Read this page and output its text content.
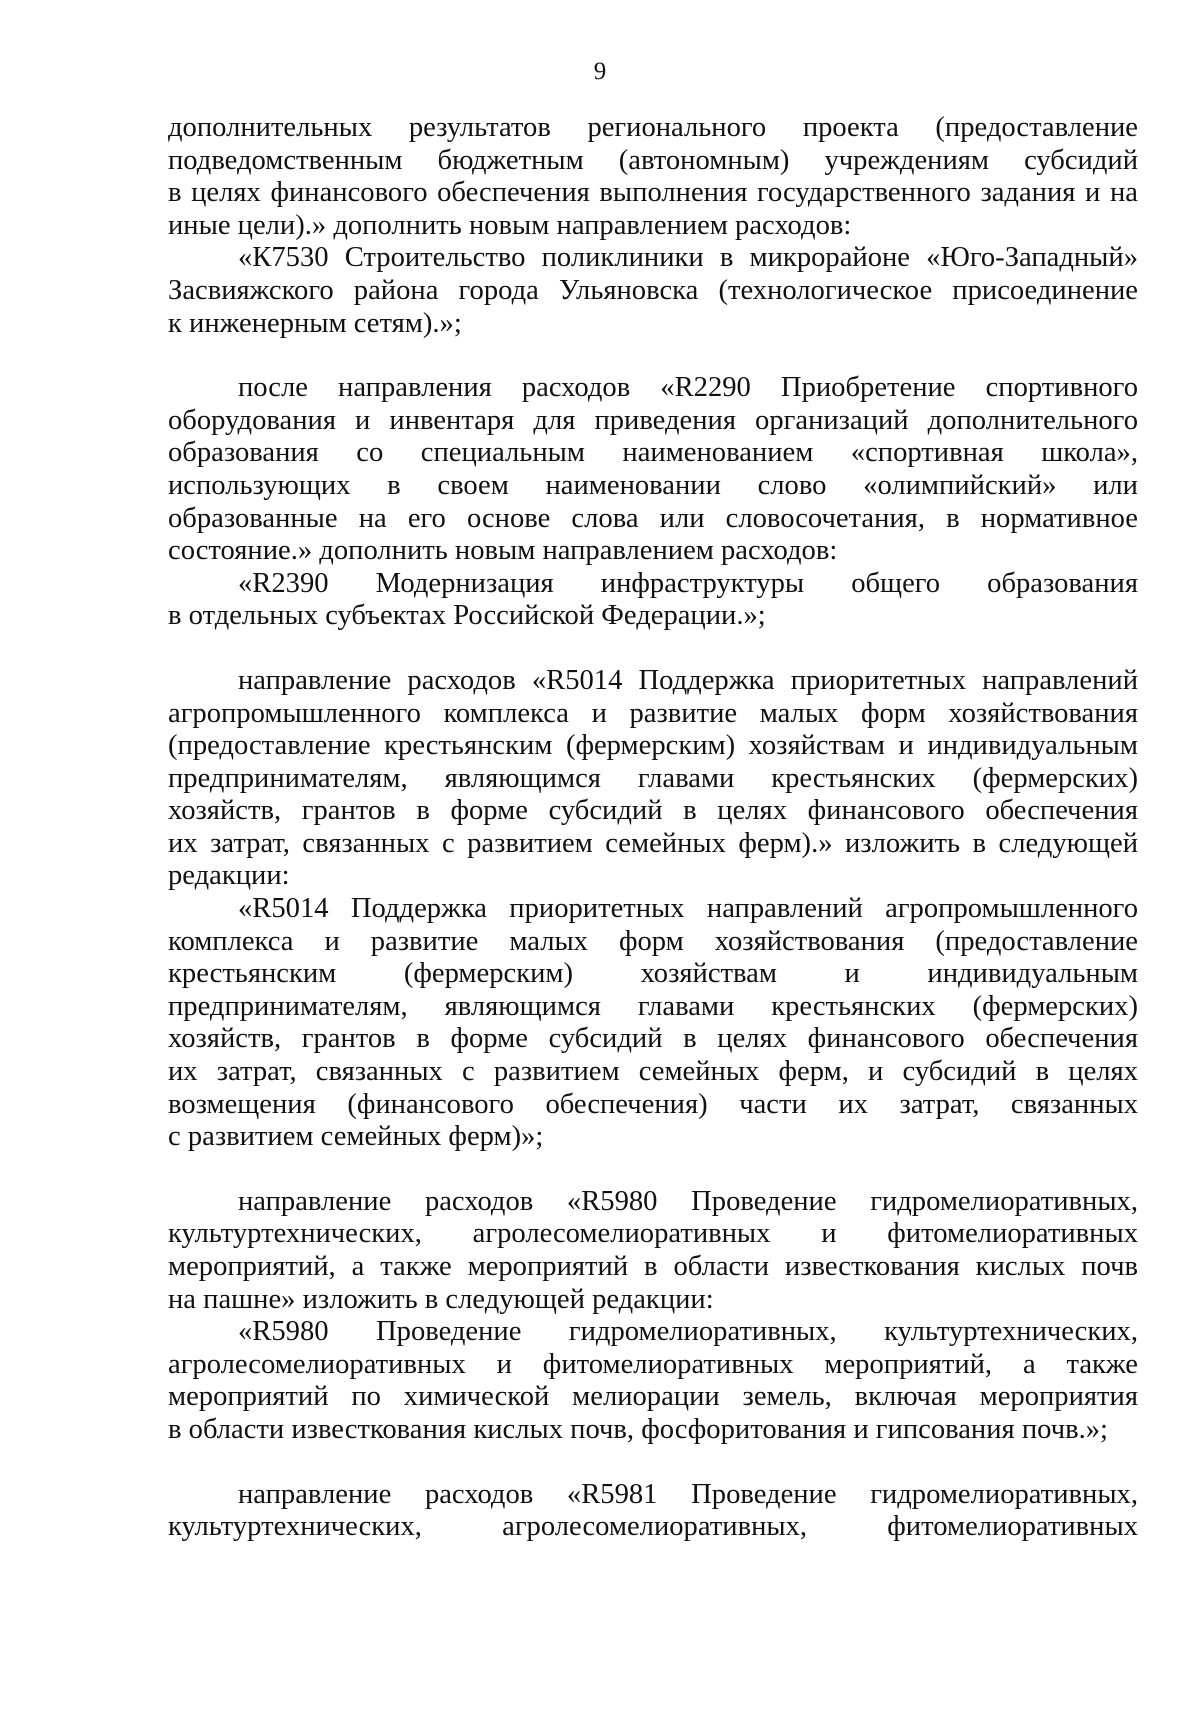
9
дополнительных результатов регионального проекта (предоставление
подведомственным бюджетным (автономным) учреждениям субсидий
в целях финансового обеспечения выполнения государственного задания и на
иные цели).» дополнить новым направлением расходов:
«К7530 Строительство поликлиники в микрорайоне «Юго-Западный»
Засвияжского района города Ульяновска (технологическое присоединение
к инженерным сетям).»;
после направления расходов «R2290 Приобретение спортивного
оборудования и инвентаря для приведения организаций дополнительного
образования со специальным наименованием «спортивная школа»,
использующих в своем наименовании слово «олимпийский» или
образованные на его основе слова или словосочетания, в нормативное
состояние.» дополнить новым направлением расходов:
«R2390 Модернизация инфраструктуры общего образования
в отдельных субъектах Российской Федерации.»;
направление расходов «R5014 Поддержка приоритетных направлений
агропромышленного комплекса и развитие малых форм хозяйствования
(предоставление крестьянским (фермерским) хозяйствам и индивидуальным
предпринимателям, являющимся главами крестьянских (фермерских)
хозяйств, грантов в форме субсидий в целях финансового обеспечения
их затрат, связанных с развитием семейных ферм).» изложить в следующей
редакции:
«R5014 Поддержка приоритетных направлений агропромышленного
комплекса и развитие малых форм хозяйствования (предоставление
крестьянским (фермерским) хозяйствам и индивидуальным
предпринимателям, являющимся главами крестьянских (фермерских)
хозяйств, грантов в форме субсидий в целях финансового обеспечения
их затрат, связанных с развитием семейных ферм, и субсидий в целях
возмещения (финансового обеспечения) части их затрат, связанных
с развитием семейных ферм)»;
направление расходов «R5980 Проведение гидромелиоративных,
культуртехнических, агролесомелиоративных и фитомелиоративных
мероприятий, а также мероприятий в области известкования кислых почв
на пашне» изложить в следующей редакции:
«R5980 Проведение гидромелиоративных, культуртехнических,
агролесомелиоративных и фитомелиоративных мероприятий, а также
мероприятий по химической мелиорации земель, включая мероприятия
в области известкования кислых почв, фосфоритования и гипсования почв.»;
направление расходов «R5981 Проведение гидромелиоративных,
культуртехнических, агролесомелиоративных, фитомелиоративных
